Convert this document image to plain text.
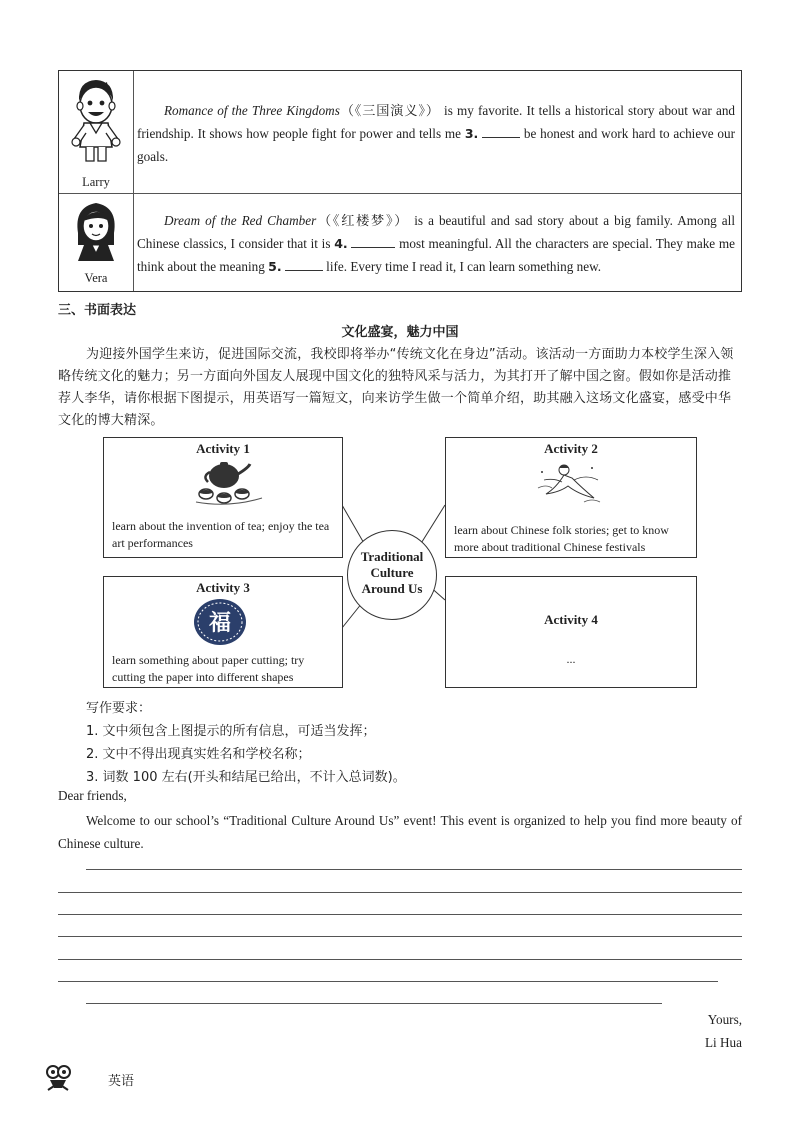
Larry

Romance of the Three Kingdoms（《三国演义》） is my favorite. It tells a historical story about war and friendship. It shows how people fight for power and tells me 3.	be honest and work hard to achieve our goals.

Vera

Dream of the Red Chamber（《红楼梦》） is a beautiful and sad story about a big family. Among all Chinese classics, I consider that it is 4.	most meaningful. All the characters are special. They make me think about the meaning 5.	life. Every time I read it, I can learn something new.

三、书面表达
文化盛宴，魅力中国

为迎接外国学生来访，促进国际交流，我校即将举办“传统文化在身边”活动。该活动一方面助力本校学生深入领略传统文化的魅力；另一方面向外国友人展现中国文化的独特风采与活力，为其打开了解中国之窗。假如你是活动推荐人李华，请你根据下图提示，用英语写一篇短文，向来访学生做一个简单介绍，助其融入这场文化盛宴，感受中华文化的博大精深。

Activity 1

learn about the invention of tea; enjoy the tea art performances

Activity 2

learn about Chinese folk stories; get to know more about traditional Chinese festivals

Activity 3
福

learn something about paper cutting; try cutting the paper into different shapes

Activity 4
...
Traditional
Culture
Around Us
写作要求：
1. 文中须包含上图提示的所有信息，可适当发挥；
2. 文中不得出现真实姓名和学校名称；
3. 词数 100 左右(开头和结尾已给出，不计入总词数)。
Dear friends,

Welcome to our school’s “Traditional Culture Around Us” event! This event is organized to help you find more beauty of Chinese culture.

Yours,
Li Hua
英语
